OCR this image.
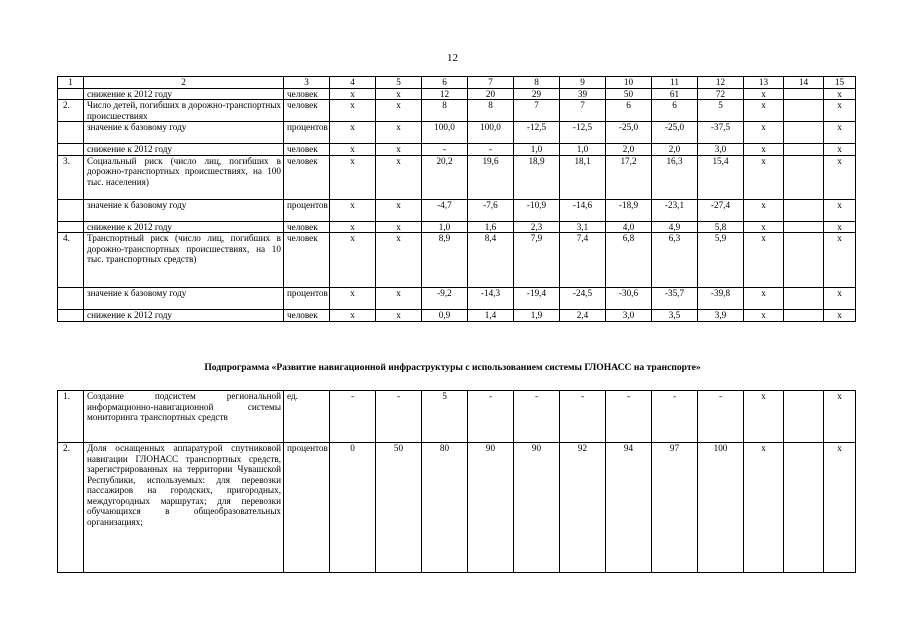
12
1	2	3	4	5	6	7	8	9	10	11	12	13	14	15
	снижение к 2012 году	человек	х	х	12	20	29	39	50	61	72	х		х
2.	Число детей, погибших в дорожно-транспортных происшествиях	человек	х	х	8	8	7	7	6	6	5	х		х
	значение к базовому году	процентов	х	х	100,0	100,0	-12,5	-12,5	-25,0	-25,0	-37,5	х		х
	снижение к 2012 году	человек	х	х	-	-	1,0	1,0	2,0	2,0	3,0	х		х
3.	Социальный риск (число лиц, погибших в дорожно-транспортных происшествиях, на 100 тыс. населения)	человек	х	х	20,2	19,6	18,9	18,1	17,2	16,3	15,4	х		х
	значение к базовому году	процентов	х	х	-4,7	-7,6	-10,9	-14,6	-18,9	-23,1	-27,4	х		х
	снижение к 2012 году	человек	х	х	1,0	1,6	2,3	3,1	4,0	4,9	5,8	х		х
4.	Транспортный риск (число лиц, погибших в дорожно-транспортных происшествиях, на 10 тыс. транспортных средств)	человек	х	х	8,9	8,4	7,9	7,4	6,8	6,3	5,9	х		х
	значение к базовому году	процентов	х	х	-9,2	-14,3	-19,4	-24,5	-30,6	-35,7	-39,8	х		х
	снижение к 2012 году	человек	х	х	0,9	1,4	1,9	2,4	3,0	3,5	3,9	х		х
Подпрограмма «Развитие навигационной инфраструктуры с использованием системы ГЛОНАСС на транспорте»
1.	Создание подсистем региональной информационно-навигационной системы мониторинга транспортных средств	ед.	-	-	5	-	-	-	-	-	-	х		х
2.	Доля оснащенных аппаратурой спутниковой навигации ГЛОНАСС транспортных средств, зарегистрированных на территории Чувашской Республики, используемых: для перевозки пассажиров на городских, пригородных, междугородных маршрутах; для перевозки обучающихся в общеобразовательных организациях;	процентов	0	50	80	90	90	92	94	97	100	х		х
